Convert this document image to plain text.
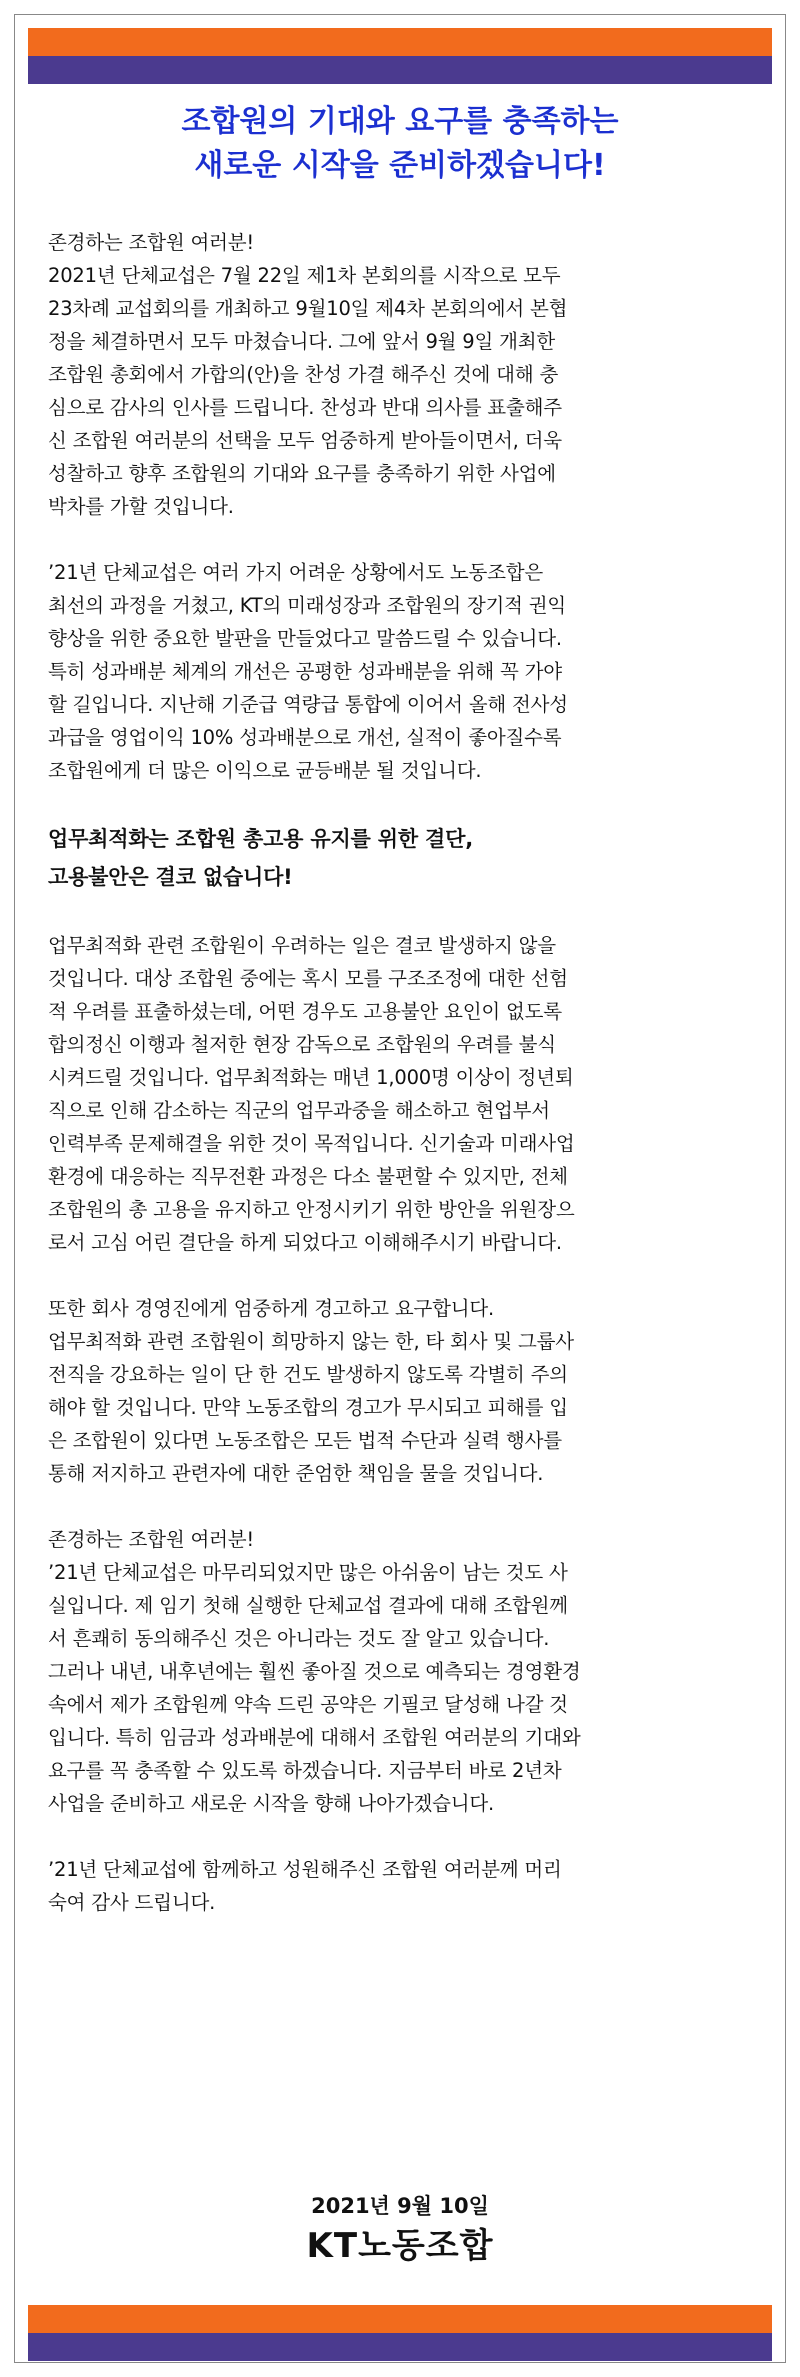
조합원의 기대와 요구를 충족하는
새로운 시작을 준비하겠습니다!
존경하는 조합원 여러분!
2021년 단체교섭은 7월 22일 제1차 본회의를 시작으로 모두
23차례 교섭회의를 개최하고 9월10일 제4차 본회의에서 본협
정을 체결하면서 모두 마쳤습니다. 그에 앞서 9월 9일 개최한
조합원 총회에서 가합의(안)을 찬성 가결 해주신 것에 대해 충
심으로 감사의 인사를 드립니다. 찬성과 반대 의사를 표출해주
신 조합원 여러분의 선택을 모두 엄중하게 받아들이면서, 더욱
성찰하고 향후 조합원의 기대와 요구를 충족하기 위한 사업에
박차를 가할 것입니다.
’21년 단체교섭은 여러 가지 어려운 상황에서도 노동조합은
최선의 과정을 거쳤고, KT의 미래성장과 조합원의 장기적 권익
향상을 위한 중요한 발판을 만들었다고 말씀드릴 수 있습니다.
특히 성과배분 체계의 개선은 공평한 성과배분을 위해 꼭 가야
할 길입니다. 지난해 기준급 역량급 통합에 이어서 올해 전사성
과급을 영업이익 10% 성과배분으로 개선, 실적이 좋아질수록
조합원에게 더 많은 이익으로 균등배분 될 것입니다.
업무최적화는 조합원 총고용 유지를 위한 결단,
고용불안은 결코 없습니다!
업무최적화 관련 조합원이 우려하는 일은 결코 발생하지 않을
것입니다. 대상 조합원 중에는 혹시 모를 구조조정에 대한 선험
적 우려를 표출하셨는데, 어떤 경우도 고용불안 요인이 없도록
합의정신 이행과 철저한 현장 감독으로 조합원의 우려를 불식
시켜드릴 것입니다. 업무최적화는 매년 1,000명 이상이 정년퇴
직으로 인해 감소하는 직군의 업무과중을 해소하고 현업부서
인력부족 문제해결을 위한 것이 목적입니다. 신기술과 미래사업
환경에 대응하는 직무전환 과정은 다소 불편할 수 있지만, 전체
조합원의 총 고용을 유지하고 안정시키기 위한 방안을 위원장으
로서 고심 어린 결단을 하게 되었다고 이해해주시기 바랍니다.
또한 회사 경영진에게 엄중하게 경고하고 요구합니다.
업무최적화 관련 조합원이 희망하지 않는 한, 타 회사 및 그룹사
전직을 강요하는 일이 단 한 건도 발생하지 않도록 각별히 주의
해야 할 것입니다. 만약 노동조합의 경고가 무시되고 피해를 입
은 조합원이 있다면 노동조합은 모든 법적 수단과 실력 행사를
통해 저지하고 관련자에 대한 준엄한 책임을 물을 것입니다.
존경하는 조합원 여러분!
’21년 단체교섭은 마무리되었지만 많은 아쉬움이 남는 것도 사
실입니다. 제 임기 첫해 실행한 단체교섭 결과에 대해 조합원께
서 흔쾌히 동의해주신 것은 아니라는 것도 잘 알고 있습니다.
그러나 내년, 내후년에는 훨씬 좋아질 것으로 예측되는 경영환경
속에서 제가 조합원께 약속 드린 공약은 기필코 달성해 나갈 것
입니다. 특히 임금과 성과배분에 대해서 조합원 여러분의 기대와
요구를 꼭 충족할 수 있도록 하겠습니다. 지금부터 바로 2년차
사업을 준비하고 새로운 시작을 향해 나아가겠습니다.
’21년 단체교섭에 함께하고 성원해주신 조합원 여러분께 머리
숙여 감사 드립니다.
2021년 9월 10일
KT노동조합
